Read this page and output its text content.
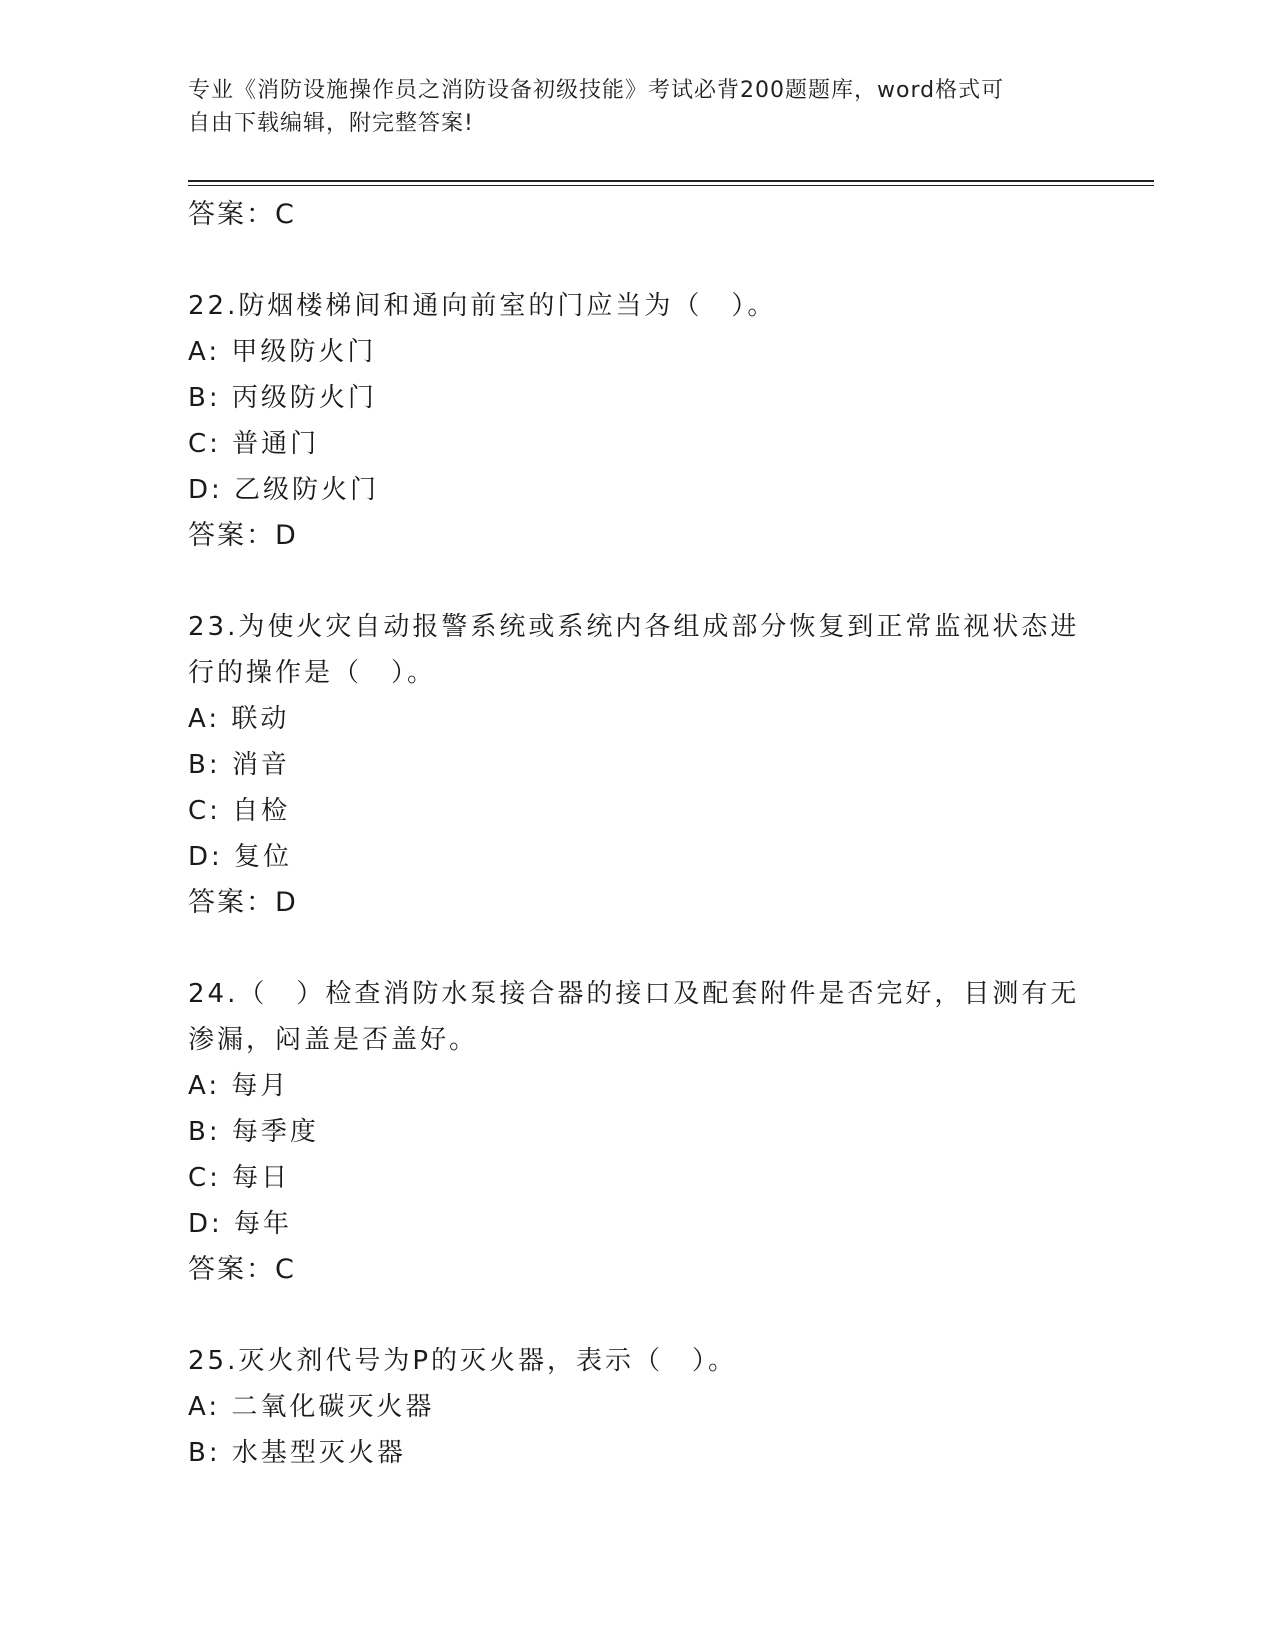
专业《消防设施操作员之消防设备初级技能》考试必背200题题库，word格式可
自由下载编辑，附完整答案!
答案：C
22.防烟楼梯间和通向前室的门应当为（　）。
A: 甲级防火门
B: 丙级防火门
C: 普通门
D: 乙级防火门
答案：D
23.为使火灾自动报警系统或系统内各组成部分恢复到正常监视状态进
行的操作是（　）。
A: 联动
B: 消音
C: 自检
D: 复位
答案：D
24.（　）检查消防水泵接合器的接口及配套附件是否完好，目测有无
渗漏，闷盖是否盖好。
A: 每月
B: 每季度
C: 每日
D: 每年
答案：C
25.灭火剂代号为P的灭火器，表示（　）。
A: 二氧化碳灭火器
B: 水基型灭火器
